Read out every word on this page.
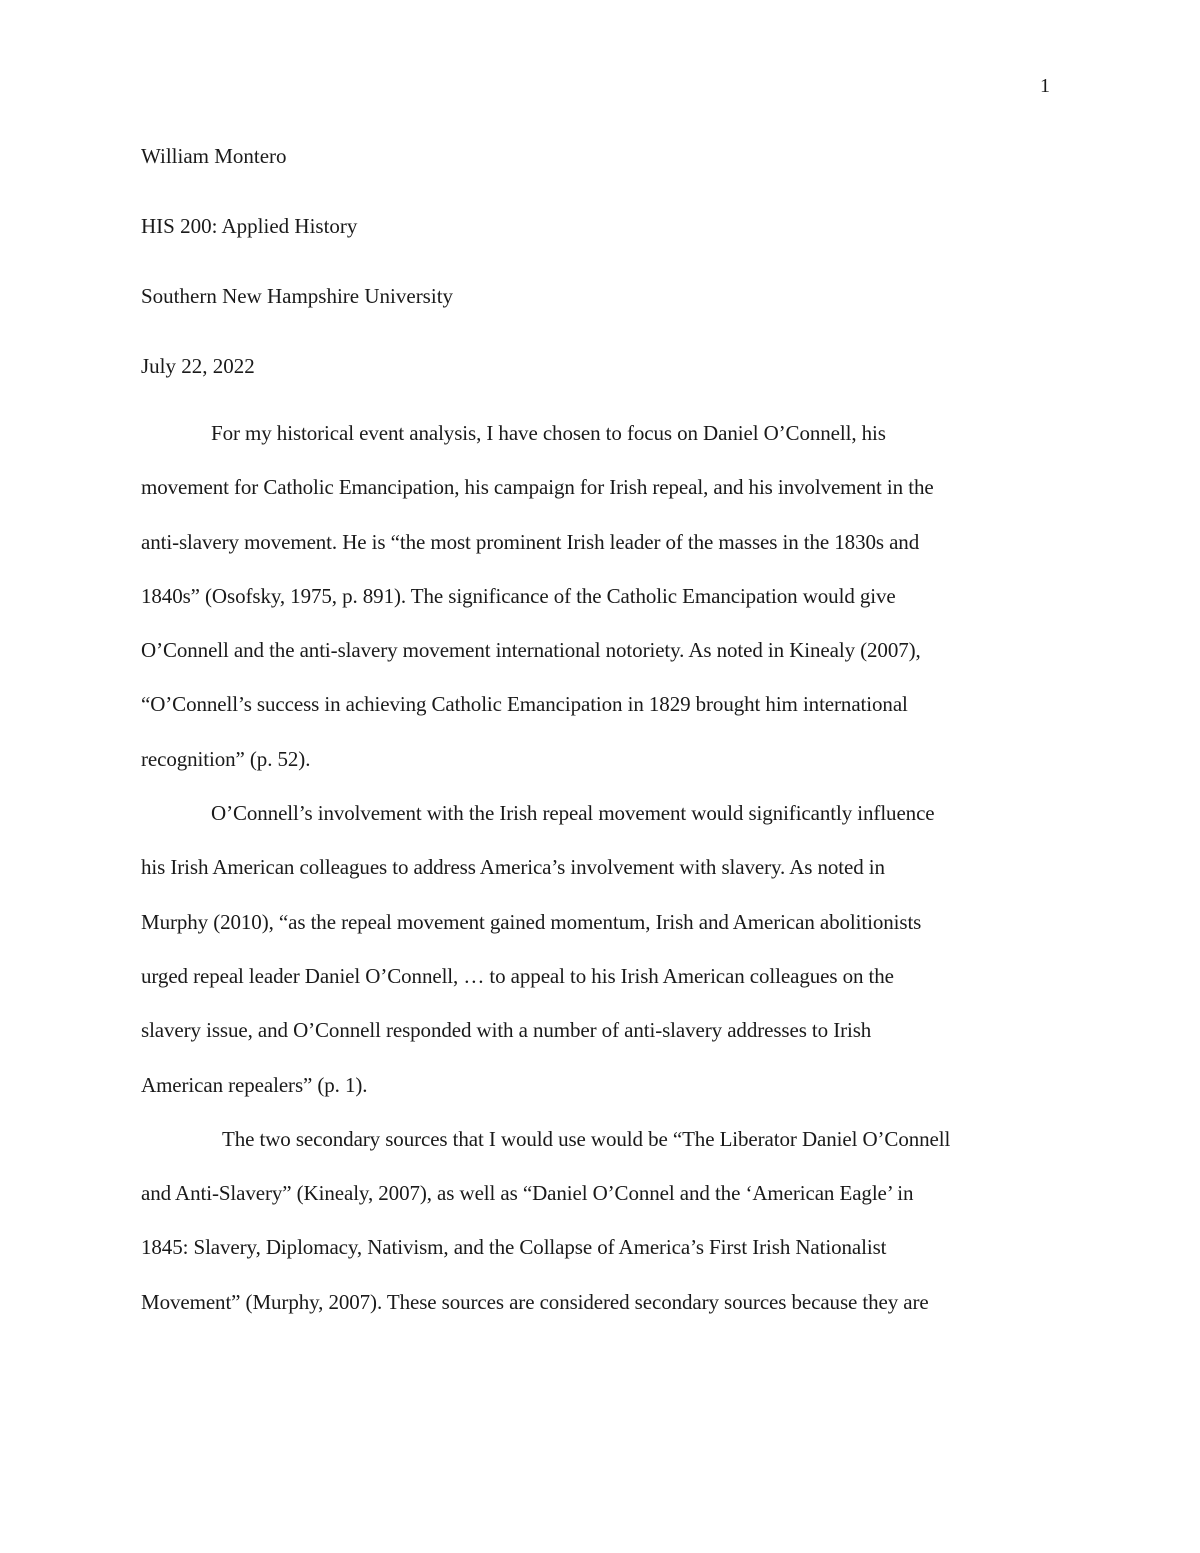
1
William Montero
HIS 200: Applied History
Southern New Hampshire University
July 22, 2022
For my historical event analysis, I have chosen to focus on Daniel O’Connell, his
movement for Catholic Emancipation, his campaign for Irish repeal, and his involvement in the
anti-slavery movement. He is “the most prominent Irish leader of the masses in the 1830s and
1840s” (Osofsky, 1975, p. 891). The significance of the Catholic Emancipation would give
O’Connell and the anti-slavery movement international notoriety. As noted in Kinealy (2007),
“O’Connell’s success in achieving Catholic Emancipation in 1829 brought him international
recognition” (p. 52).
O’Connell’s involvement with the Irish repeal movement would significantly influence
his Irish American colleagues to address America’s involvement with slavery. As noted in
Murphy (2010), “as the repeal movement gained momentum, Irish and American abolitionists
urged repeal leader Daniel O’Connell, … to appeal to his Irish American colleagues on the
slavery issue, and O’Connell responded with a number of anti-slavery addresses to Irish
American repealers” (p. 1).
The two secondary sources that I would use would be “The Liberator Daniel O’Connell
and Anti-Slavery” (Kinealy, 2007), as well as “Daniel O’Connel and the ‘American Eagle’ in
1845: Slavery, Diplomacy, Nativism, and the Collapse of America’s First Irish Nationalist
Movement” (Murphy, 2007). These sources are considered secondary sources because they are
